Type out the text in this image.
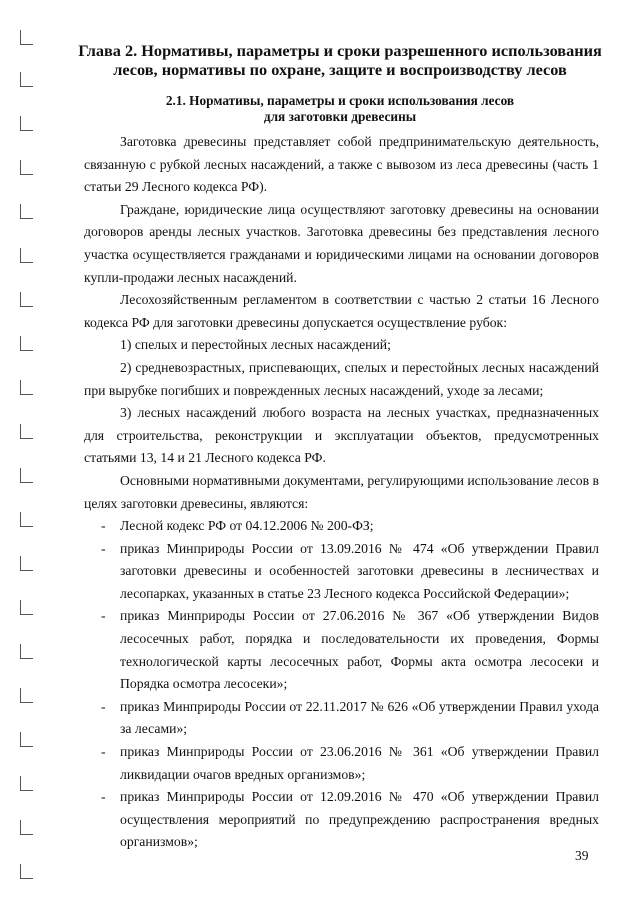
Глава 2. Нормативы, параметры и сроки разрешенного использования
лесов, нормативы по охране, защите и воспроизводству лесов
2.1. Нормативы, параметры и сроки использования лесов
для заготовки древесины

Заготовка древесины представляет собой предпринимательскую деятельность, связанную с рубкой лесных насаждений, а также с вывозом из леса древесины (часть 1 статьи 29 Лесного кодекса РФ).

Граждане, юридические лица осуществляют заготовку древесины на основании договоров аренды лесных участков. Заготовка древесины без представления лесного участка осуществляется гражданами и юридическими лицами на основании договоров купли-продажи лесных насаждений.

Лесохозяйственным регламентом в соответствии с частью 2 статьи 16 Лесного кодекса РФ для заготовки древесины допускается осуществление рубок:

1) спелых и перестойных лесных насаждений;

2) средневозрастных, приспевающих, спелых и перестойных лесных насаждений при вырубке погибших и поврежденных лесных насаждений, уходе за лесами;

3) лесных насаждений любого возраста на лесных участках, предназначенных для строительства, реконструкции и эксплуатации объектов, предусмотренных статьями 13, 14 и 21 Лесного кодекса РФ.

Основными нормативными документами, регулирующими использование лесов в целях заготовки древесины, являются:

- Лесной кодекс РФ от 04.12.2006 № 200-ФЗ;
- приказ Минприроды России от 13.09.2016 № 474 «Об утверждении Правил заготовки древесины и особенностей заготовки древесины в лесничествах и лесопарках, указанных в статье 23 Лесного кодекса Российской Федерации»;
- приказ Минприроды России от 27.06.2016 № 367 «Об утверждении Видов лесосечных работ, порядка и последовательности их проведения, Формы технологической карты лесосечных работ, Формы акта осмотра лесосеки и Порядка осмотра лесосеки»;
- приказ Минприроды России от 22.11.2017 № 626 «Об утверждении Правил ухода за лесами»;
- приказ Минприроды России от 23.06.2016 № 361 «Об утверждении Правил ликвидации очагов вредных организмов»;
- приказ Минприроды России от 12.09.2016 № 470 «Об утверждении Правил осуществления мероприятий по предупреждению распространения вредных организмов»;
39
